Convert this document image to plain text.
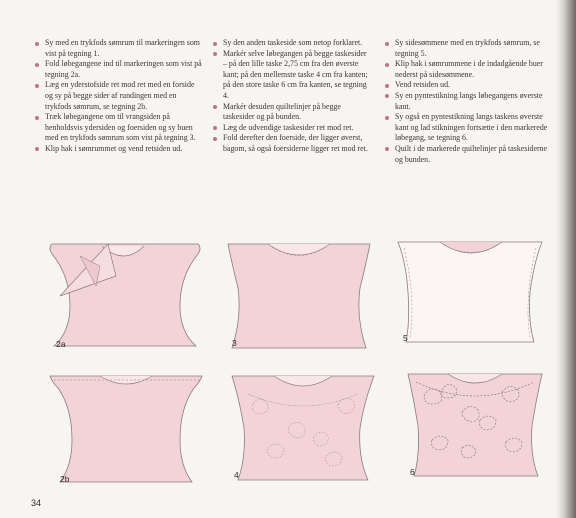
Sy med en trykfods sømrum til markeringen som vist på tegning 1.
Fold løbegangene ind til markeringen som vist på tegning 2a.
Læg en yderstofside ret mod ret med en forside og sy på begge sider af rundingen med en trykfods sømrum, se tegning 2b.
Træk løbegangene om til vrangsiden på henholdsvis ydersiden og foersiden og sy buen med en trykfods sømrum som vist på tegning 3.
Klip hak i sømrummet og vend retsiden ud.
Sy den anden taskeside som netop forklaret.
Markér selve løbegangen på begge taskesider – på den lille taske 2,75 cm fra den øverste kant; på den mellemste taske 4 cm fra kanten; på den store taske 6 cm fra kanten, se tegning 4.
Markér desuden quiltelinjer på begge taskesider og på bunden.
Læg de udvendige taskesider ret mod ret.
Fold derefter den foerside, der ligger øverst, bagom, så også foersiderne ligger ret mod ret.
Sy sidesømmene med en trykfods sømrum, se tegning 5.
Klip hak i sømrummene i de indadgående buer nederst på sidesømmene.
Vend retsiden ud.
Sy en pyntestikning langs løbegangens øverste kant.
Sy også en pyntestikning langs taskens øverste kant og lad stikningen fortsætte i den markerede løbegang, se tegning 6.
Quilt i de markerede quiltelinjer på taskesiderne og bunden.
2a	3	5
2b	4	6
34
